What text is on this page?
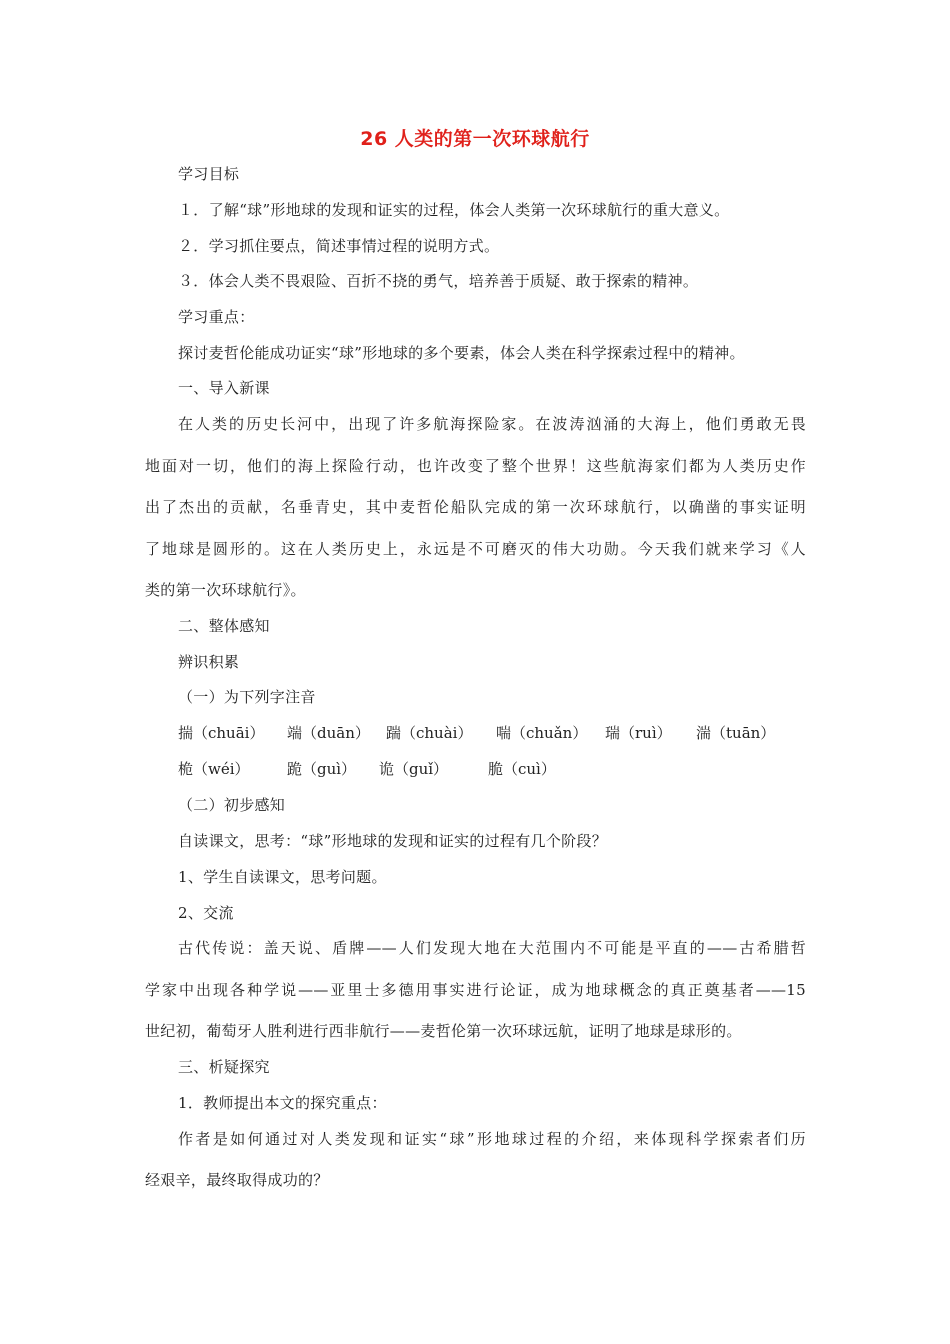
26 人类的第一次环球航行
学习目标
１．了解“球”形地球的发现和证实的过程，体会人类第一次环球航行的重大意义。
２．学习抓住要点，简述事情过程的说明方式。
３．体会人类不畏艰险、百折不挠的勇气，培养善于质疑、敢于探索的精神。
学习重点：
探讨麦哲伦能成功证实“球”形地球的多个要素，体会人类在科学探索过程中的精神。
一、导入新课
在人类的历史长河中，出现了许多航海探险家。在波涛汹涌的大海上，他们勇敢无畏
地面对一切，他们的海上探险行动，也许改变了整个世界！这些航海家们都为人类历史作
出了杰出的贡献，名垂青史，其中麦哲伦船队完成的第一次环球航行，以确凿的事实证明
了地球是圆形的。这在人类历史上，永远是不可磨灭的伟大功勋。今天我们就来学习《人
类的第一次环球航行》。
二、整体感知
辨识积累
（一）为下列字注音
揣（chuāi） 端（duān） 踹（chuài） 喘（chuǎn） 瑞（ruì） 湍（tuān）
桅（wéi） 跪（guì） 诡（guǐ）	脆（cuì）
（二）初步感知
自读课文，思考：“球”形地球的发现和证实的过程有几个阶段？
1、学生自读课文，思考问题。
2、交流
古代传说：盖天说、盾牌——人们发现大地在大范围内不可能是平直的——古希腊哲
学家中出现各种学说——亚里士多德用事实进行论证，成为地球概念的真正奠基者——15
世纪初，葡萄牙人胜利进行西非航行——麦哲伦第一次环球远航，证明了地球是球形的。
三、析疑探究
1．教师提出本文的探究重点：
作者是如何通过对人类发现和证实“球”形地球过程的介绍，来体现科学探索者们历
经艰辛，最终取得成功的？
